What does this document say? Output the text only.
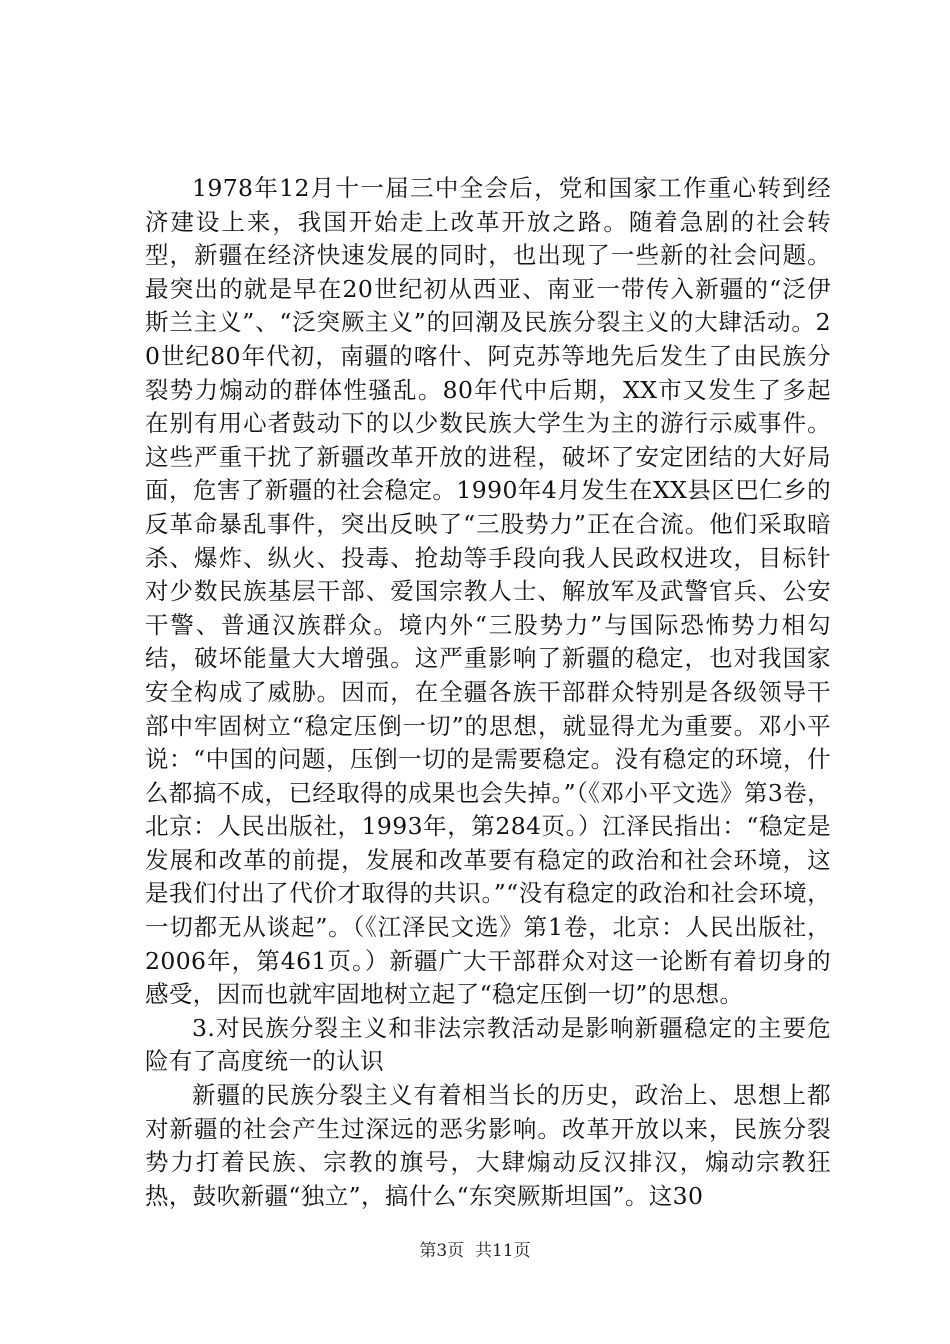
1978年12月十一届三中全会后，党和国家工作重心转到经济建设上来，我国开始走上改革开放之路。随着急剧的社会转型，新疆在经济快速发展的同时，也出现了一些新的社会问题。最突出的就是早在20世纪初从西亚、南亚一带传入新疆的“泛伊斯兰主义”、“泛突厥主义”的回潮及民族分裂主义的大肆活动。20世纪80年代初，南疆的喀什、阿克苏等地先后发生了由民族分裂势力煽动的群体性骚乱。80年代中后期，XX市又发生了多起在别有用心者鼓动下的以少数民族大学生为主的游行示威事件。这些严重干扰了新疆改革开放的进程，破坏了安定团结的大好局面，危害了新疆的社会稳定。1990年4月发生在XX县区巴仁乡的反革命暴乱事件，突出反映了“三股势力”正在合流。他们采取暗杀、爆炸、纵火、投毒、抢劫等手段向我人民政权进攻，目标针对少数民族基层干部、爱国宗教人士、解放军及武警官兵、公安干警、普通汉族群众。境内外“三股势力”与国际恐怖势力相勾结，破坏能量大大增强。这严重影响了新疆的稳定，也对我国家安全构成了威胁。因而，在全疆各族干部群众特别是各级领导干部中牢固树立“稳定压倒一切”的思想，就显得尤为重要。邓小平说：“中国的问题，压倒一切的是需要稳定。没有稳定的环境，什么都搞不成，已经取得的成果也会失掉。”（《邓小平文选》第3卷，北京：人民出版社，1993年，第284页。）江泽民指出：“稳定是发展和改革的前提，发展和改革要有稳定的政治和社会环境，这是我们付出了代价才取得的共识。”“没有稳定的政治和社会环境，一切都无从谈起”。（《江泽民文选》第1卷，北京：人民出版社，2006年，第461页。）新疆广大干部群众对这一论断有着切身的感受，因而也就牢固地树立起了“稳定压倒一切”的思想。

3.对民族分裂主义和非法宗教活动是影响新疆稳定的主要危险有了高度统一的认识

新疆的民族分裂主义有着相当长的历史，政治上、思想上都对新疆的社会产生过深远的恶劣影响。改革开放以来，民族分裂势力打着民族、宗教的旗号，大肆煽动反汉排汉，煽动宗教狂热，鼓吹新疆“独立”，搞什么“东突厥斯坦国”。这30

第3页  共11页
